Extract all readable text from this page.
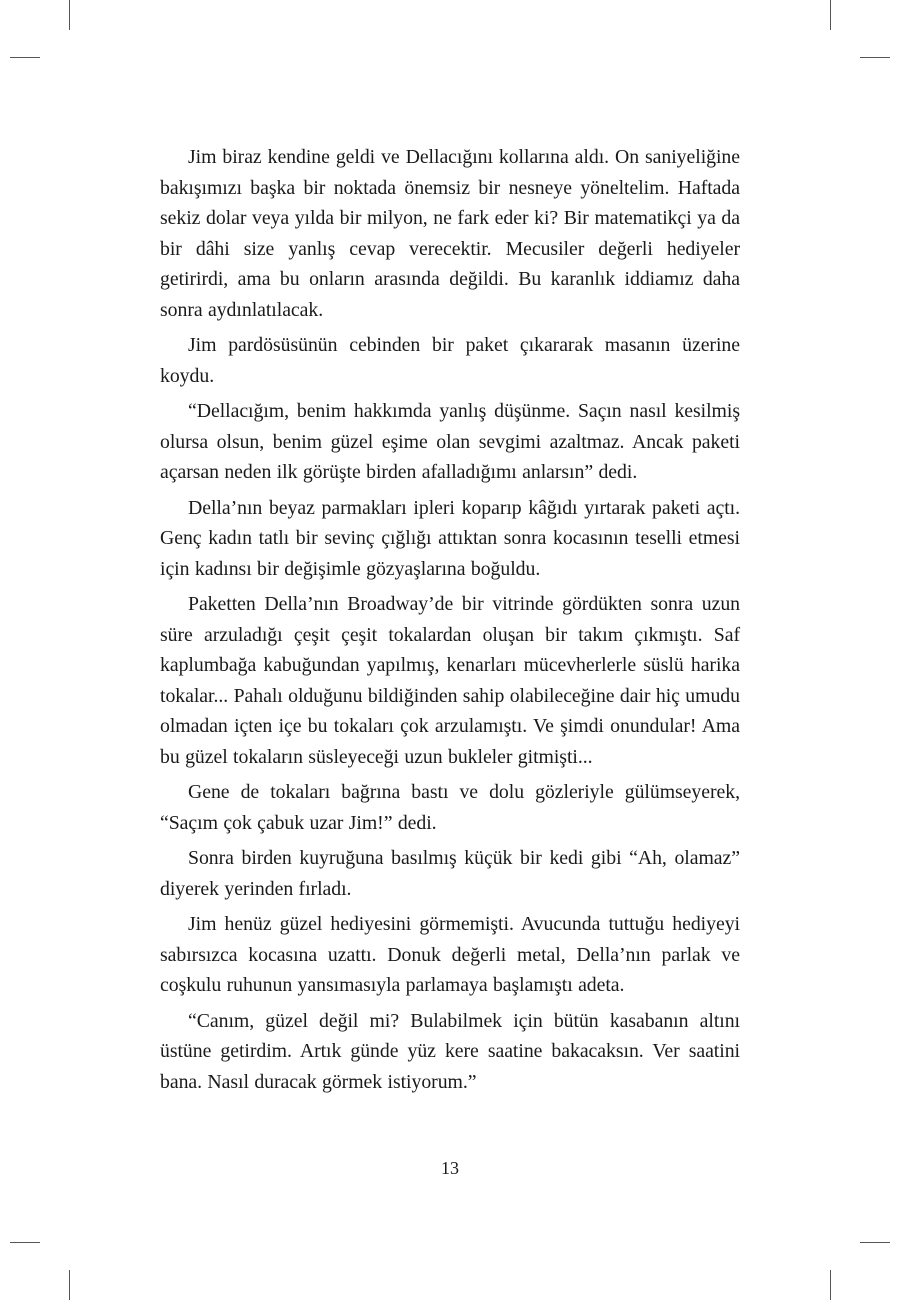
Jim biraz kendine geldi ve Dellacığını kollarına aldı. On saniyeliğine bakışımızı başka bir noktada önemsiz bir nesneye yöneltelim. Haftada sekiz dolar veya yılda bir milyon, ne fark eder ki? Bir matematikçi ya da bir dâhi size yanlış cevap verecektir. Mecusiler değerli hediyeler getirirdi, ama bu onların arasında değildi. Bu karanlık iddiamız daha sonra aydınlatılacak.

Jim pardösüsünün cebinden bir paket çıkararak masanın üzerine koydu.

“Dellacığım, benim hakkımda yanlış düşünme. Saçın nasıl kesilmiş olursa olsun, benim güzel eşime olan sevgimi azaltmaz. Ancak paketi açarsan neden ilk görüşte birden afalladığımı anlarsın” dedi.

Della’nın beyaz parmakları ipleri koparıp kâğıdı yırtarak paketi açtı. Genç kadın tatlı bir sevinç çığlığı attıktan sonra kocasının teselli etmesi için kadınsı bir değişimle gözyaşlarına boğuldu.

Paketten Della’nın Broadway’de bir vitrinde gördükten sonra uzun süre arzuladığı çeşit çeşit tokalardan oluşan bir takım çıkmıştı. Saf kaplumbağa kabuğundan yapılmış, kenarları mücevherlerle süslü harika tokalar... Pahalı olduğunu bildiğinden sahip olabileceğine dair hiç umudu olmadan içten içe bu tokaları çok arzulamıştı. Ve şimdi onundular! Ama bu güzel tokaların süsleyeceği uzun bukleler gitmişti...

Gene de tokaları bağrına bastı ve dolu gözleriyle gülümseyerek, “Saçım çok çabuk uzar Jim!” dedi.

Sonra birden kuyruğuna basılmış küçük bir kedi gibi “Ah, olamaz” diyerek yerinden fırladı.

Jim henüz güzel hediyesini görmemişti. Avucunda tuttuğu hediyeyi sabırsızca kocasına uzattı. Donuk değerli metal, Della’nın parlak ve coşkulu ruhunun yansımasıyla parlamaya başlamıştı adeta.

“Canım, güzel değil mi? Bulabilmek için bütün kasabanın altını üstüne getirdim. Artık günde yüz kere saatine bakacaksın. Ver saatini bana. Nasıl duracak görmek istiyorum.”

13
